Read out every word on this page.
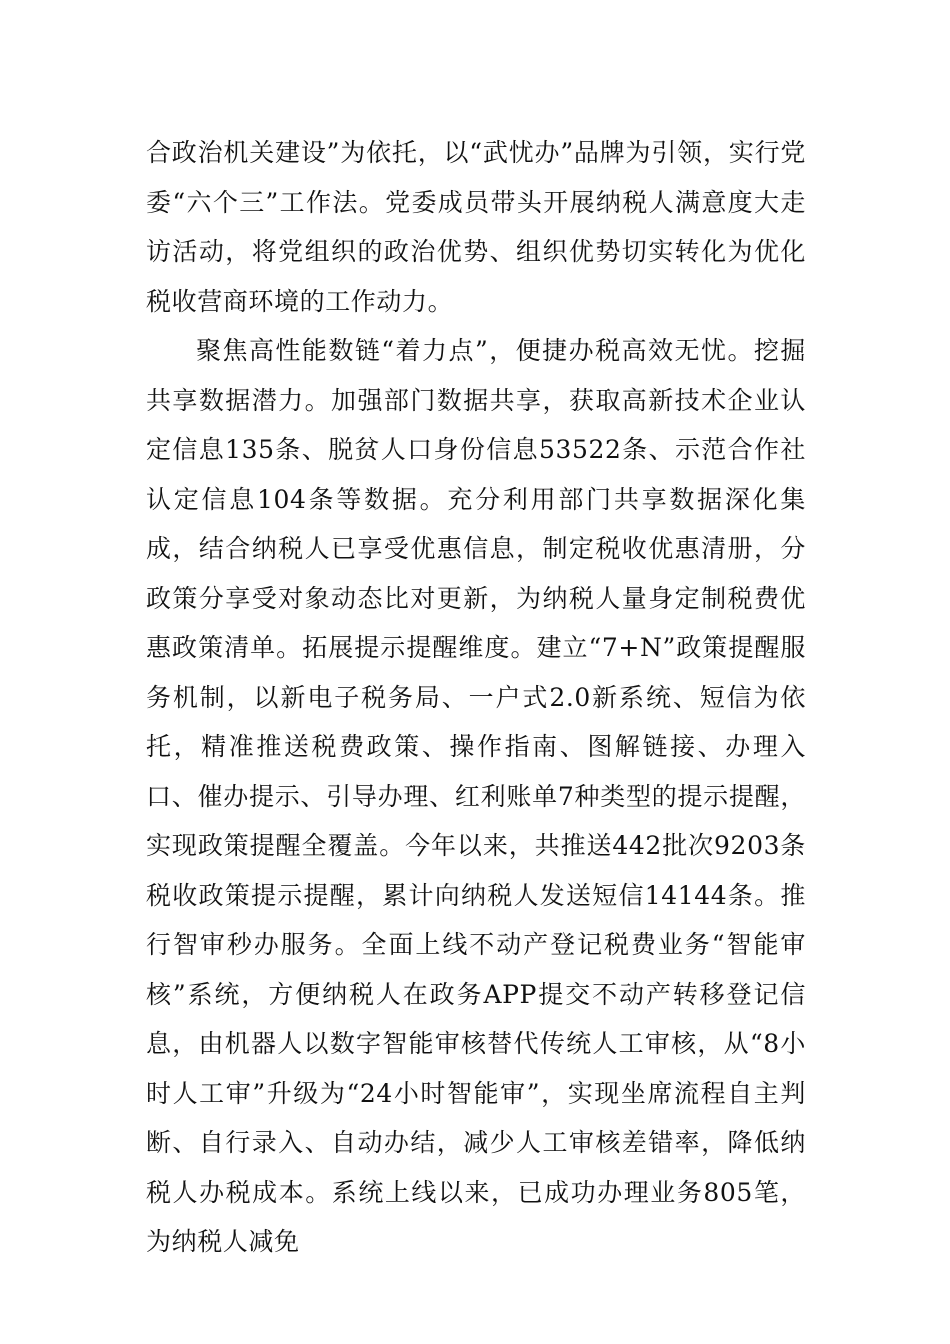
合政治机关建设”为依托，以“武忧办”品牌为引领，实行党委“六个三”工作法。党委成员带头开展纳税人满意度大走访活动，将党组织的政治优势、组织优势切实转化为优化税收营商环境的工作动力。

聚焦高性能数链“着力点”，便捷办税高效无忧。挖掘共享数据潜力。加强部门数据共享，获取高新技术企业认定信息135条、脱贫人口身份信息53522条、示范合作社认定信息104条等数据。充分利用部门共享数据深化集成，结合纳税人已享受优惠信息，制定税收优惠清册，分政策分享受对象动态比对更新，为纳税人量身定制税费优惠政策清单。拓展提示提醒维度。建立“7+N”政策提醒服务机制，以新电子税务局、一户式2.0新系统、短信为依托，精准推送税费政策、操作指南、图解链接、办理入口、催办提示、引导办理、红利账单7种类型的提示提醒，实现政策提醒全覆盖。今年以来，共推送442批次9203条税收政策提示提醒，累计向纳税人发送短信14144条。推行智审秒办服务。全面上线不动产登记税费业务“智能审核”系统，方便纳税人在政务APP提交不动产转移登记信息，由机器人以数字智能审核替代传统人工审核，从“8小时人工审”升级为“24小时智能审”，实现坐席流程自主判断、自行录入、自动办结，减少人工审核差错率，降低纳税人办税成本。系统上线以来，已成功办理业务805笔，为纳税人减免
